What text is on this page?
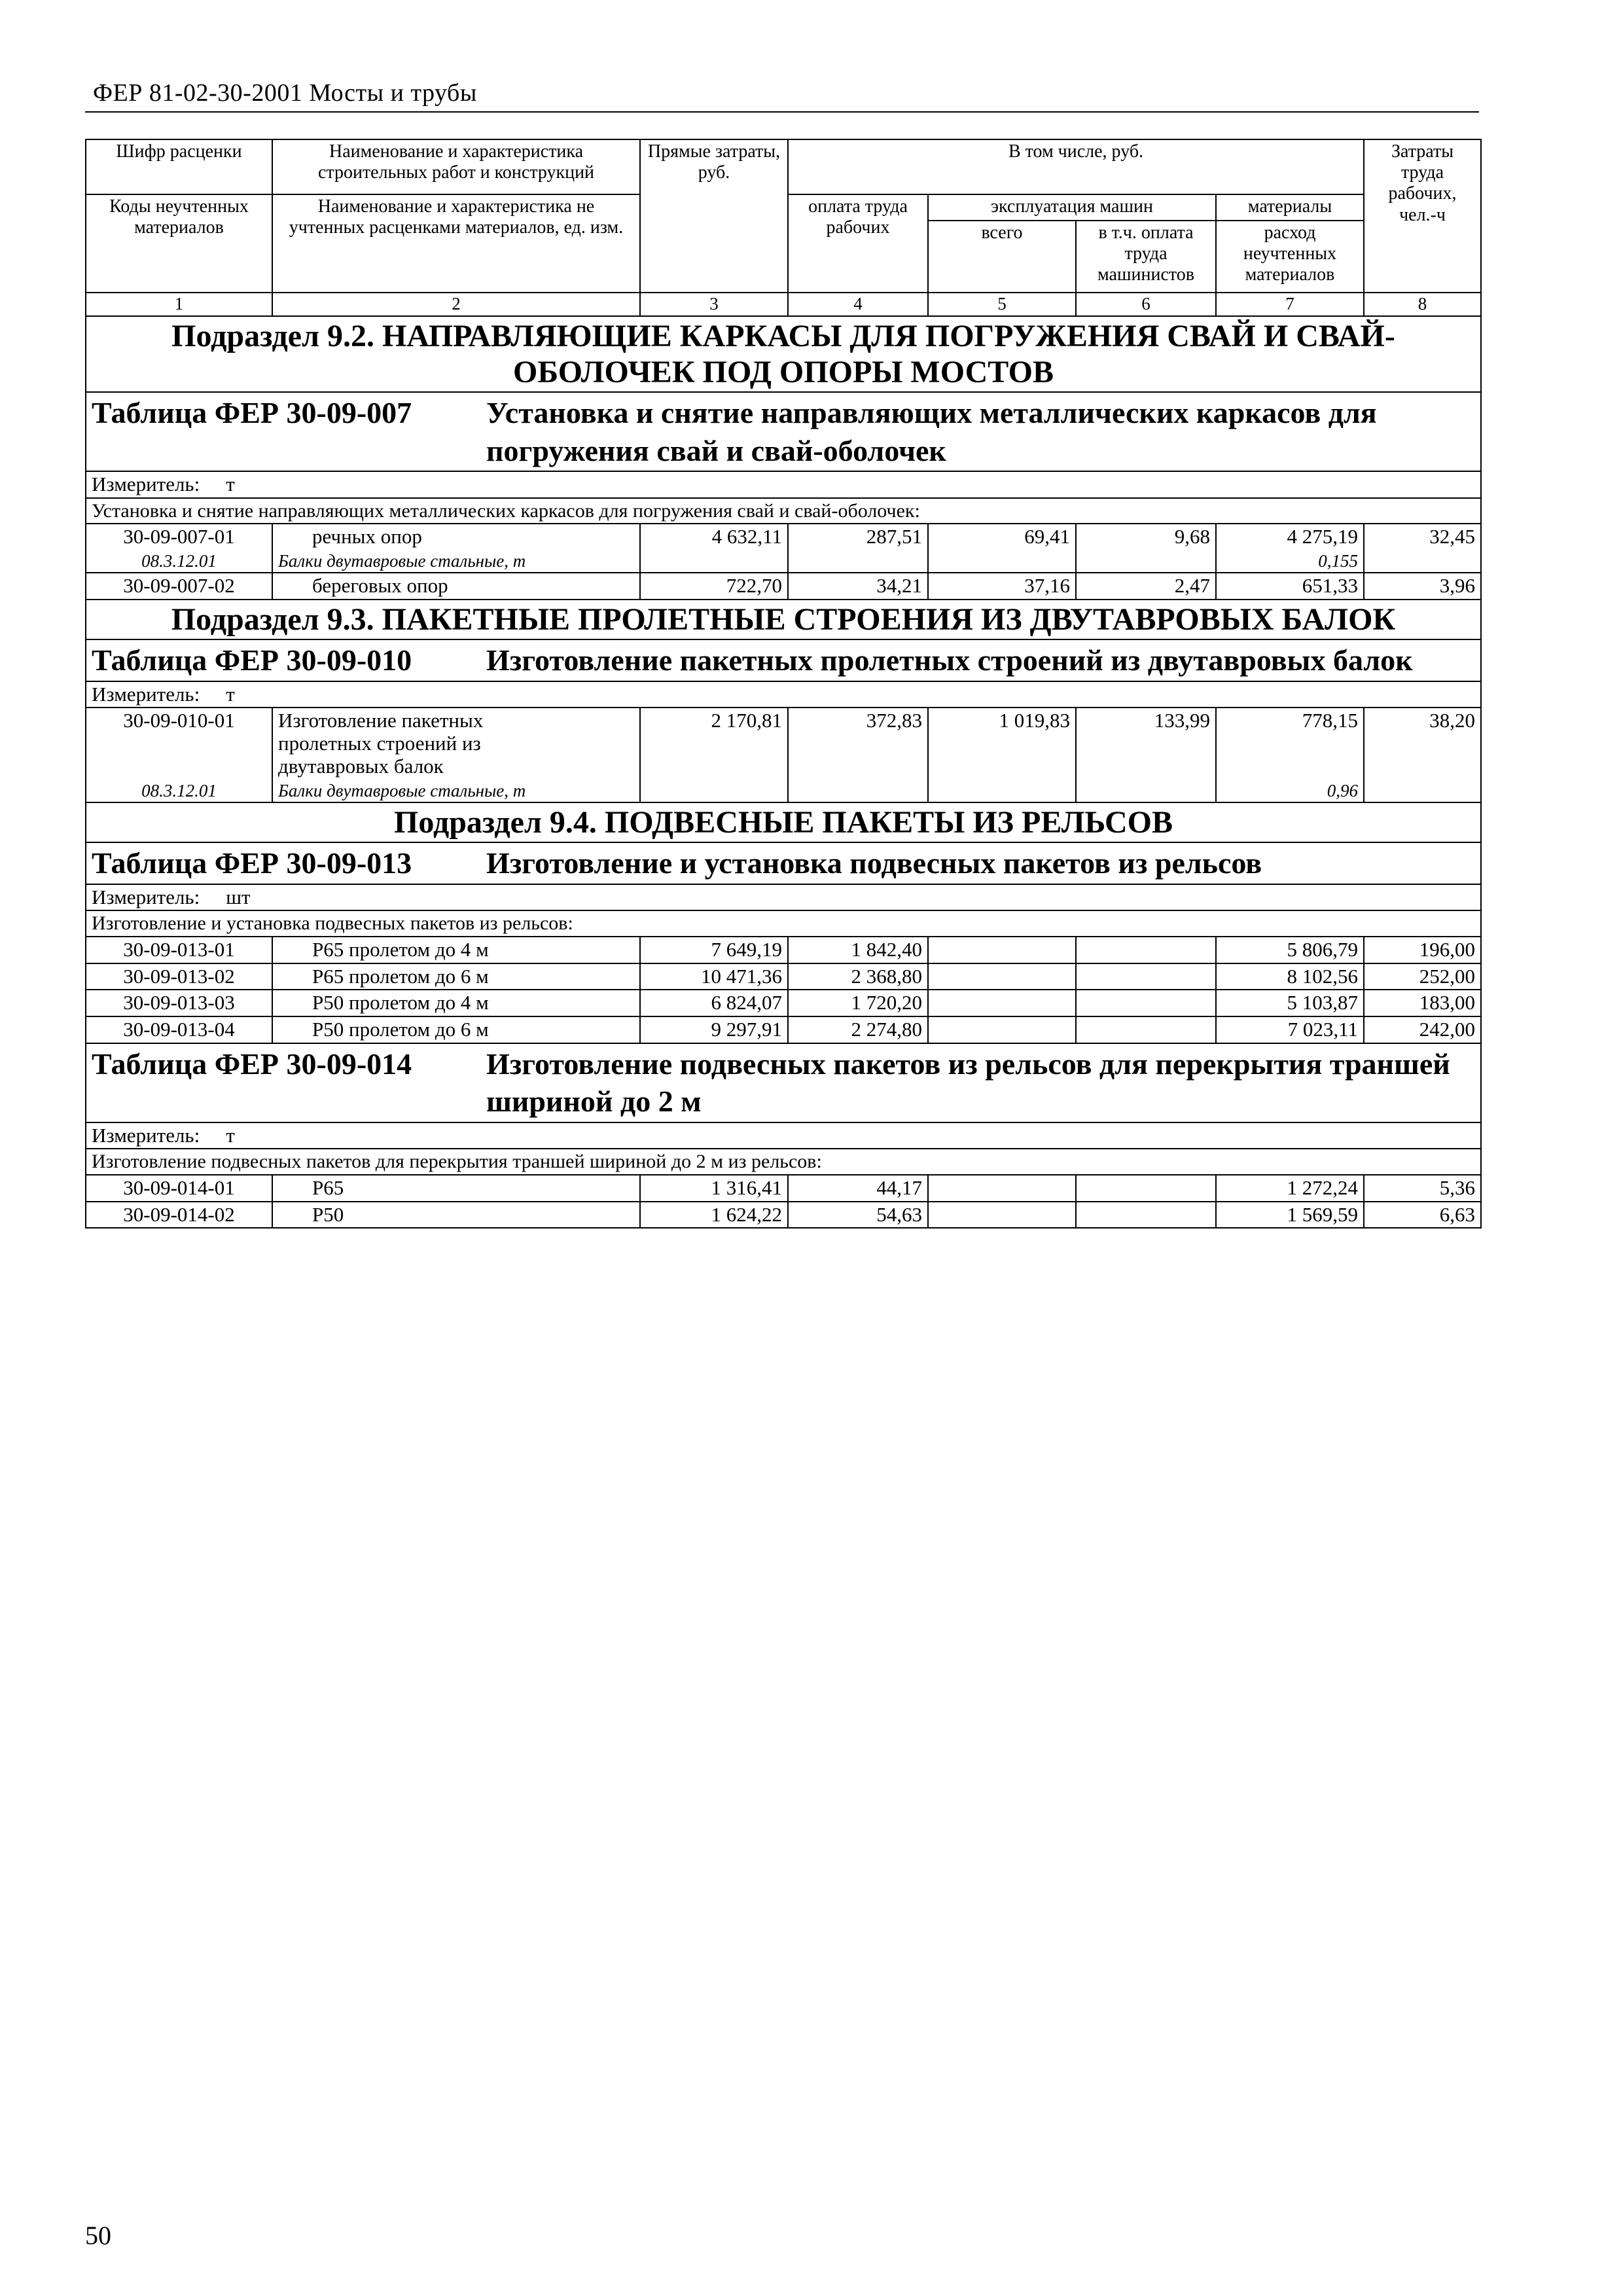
ФЕР 81-02-30-2001 Мосты и трубы
Шифр расценки	Наименование и характеристика строительных работ и конструкций	Прямые затраты, руб.	В том числе, руб.				Затраты труда рабочих, чел.-ч
Коды неучтенных материалов	Наименование и характеристика не учтенных расценками материалов, ед. изм.		оплата труда рабочих	эксплуатация машин		материалы	
				всего	в т.ч. оплата труда машинистов	расход неучтенных материалов	

1	2	3	4	5	6	7	8
Подраздел 9.2. НАПРАВЛЯЮЩИЕ КАРКАСЫ ДЛЯ ПОГРУЖЕНИЯ СВАЙ И СВАЙ-ОБОЛОЧЕК ПОД ОПОРЫ МОСТОВ							
Таблица ФЕР 30-09-007 Установка и снятие направляющих металлических каркасов для погружения свай и свай-оболочек							
Измеритель: т							
Установка и снятие направляющих металлических каркасов для погружения свай и свай-оболочек:							
30-09-007-01	речных опор	4 632,11	287,51	69,41	9,68	4 275,19	32,45
08.3.12.01	Балки двутавровые стальные, т					0,155	
30-09-007-02	береговых опор	722,70	34,21	37,16	2,47	651,33	3,96
Подраздел 9.3. ПАКЕТНЫЕ ПРОЛЕТНЫЕ СТРОЕНИЯ ИЗ ДВУТАВРОВЫХ БАЛОК							
Таблица ФЕР 30-09-010 Изготовление пакетных пролетных строений из двутавровых балок							
Измеритель: т							
30-09-010-01	Изготовление пакетных
пролетных строений из
двутавровых балок	2 170,81	372,83	1 019,83	133,99	778,15	38,20
08.3.12.01	Балки двутавровые стальные, т					0,96	
Подраздел 9.4. ПОДВЕСНЫЕ ПАКЕТЫ ИЗ РЕЛЬСОВ							
Таблица ФЕР 30-09-013 Изготовление и установка подвесных пакетов из рельсов							
Измеритель: шт							
Изготовление и установка подвесных пакетов из рельсов:							
30-09-013-01	Р65 пролетом до 4 м	7 649,19	1 842,40			5 806,79	196,00
30-09-013-02	Р65 пролетом до 6 м	10 471,36	2 368,80			8 102,56	252,00
30-09-013-03	Р50 пролетом до 4 м	6 824,07	1 720,20			5 103,87	183,00
30-09-013-04	Р50 пролетом до 6 м	9 297,91	2 274,80			7 023,11	242,00
Таблица ФЕР 30-09-014 Изготовление подвесных пакетов из рельсов для перекрытия траншей шириной до 2 м							
Измеритель: т							
Изготовление подвесных пакетов для перекрытия траншей шириной до 2 м из рельсов:							
30-09-014-01	Р65	1 316,41	44,17			1 272,24	5,36
30-09-014-02	Р50	1 624,22	54,63			1 569,59	6,63
50
